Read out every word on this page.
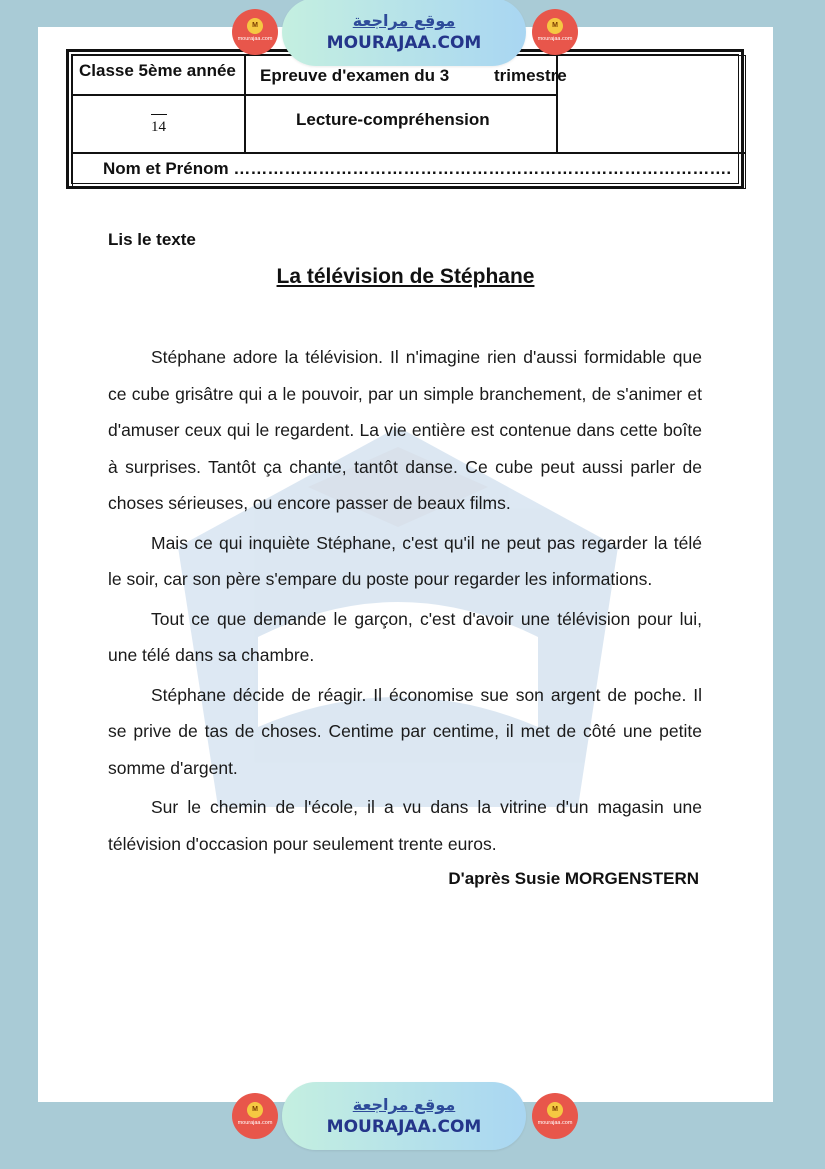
Classe 5ème année	Epreuve d'examen du 3	trimestre
14	Lecture-compréhension
Nom et Prénom …………………………………………………………………………….
Lis le texte
La télévision de Stéphane

Stéphane adore la télévision. Il n'imagine rien d'aussi formidable que ce cube grisâtre qui a le pouvoir, par un simple branchement, de s'animer et d'amuser ceux qui le regardent. La vie entière est contenue dans cette boîte à surprises. Tantôt ça chante, tantôt danse. Ce cube peut aussi parler de choses sérieuses, ou encore passer de beaux films.

Mais ce qui inquiète Stéphane, c'est qu'il ne peut pas regarder la télé le soir, car son père s'empare du poste pour regarder les informations.

Tout ce que demande le garçon, c'est d'avoir une télévision pour lui, une télé dans sa chambre.

Stéphane décide de réagir. Il économise sue son argent de poche. Il se prive de tas de choses. Centime par centime, il met de côté une petite somme d'argent.

Sur le chemin de l'école, il a vu dans la vitrine d'un magasin une télévision d'occasion pour seulement trente euros.

D'après Susie MORGENSTERN
M
mourajaa.com
موقع مراجعة
MOURAJAA.COM
M
mourajaa.com
M
mourajaa.com
موقع مراجعة
MOURAJAA.COM
M
mourajaa.com
